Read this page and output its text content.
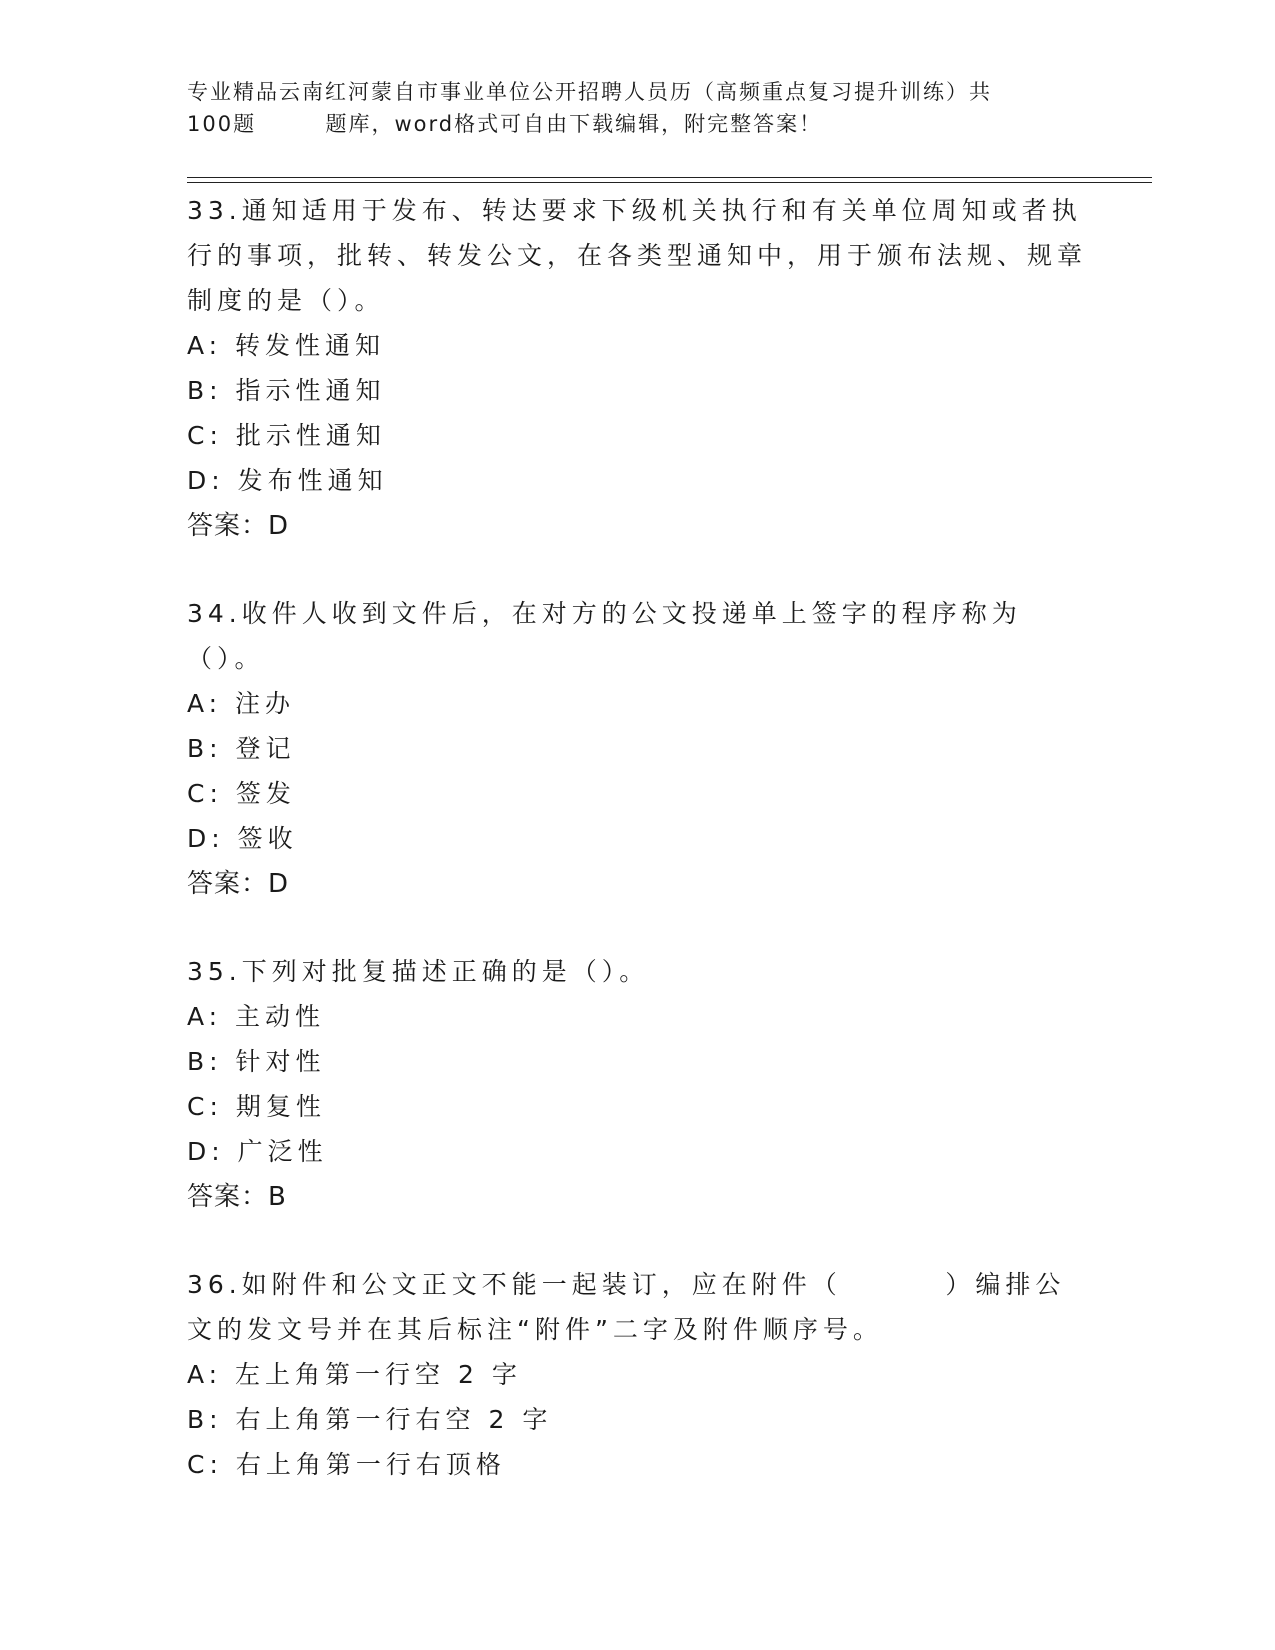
专业精品云南红河蒙自市事业单位公开招聘人员历（高频重点复习提升训练）共
100题        题库，word格式可自由下载编辑，附完整答案！
33.通知适用于发布、转达要求下级机关执行和有关单位周知或者执行的事项，批转、转发公文，在各类型通知中，用于颁布法规、规章制度的是（）。
A: 转发性通知
B: 指示性通知
C: 批示性通知
D: 发布性通知
答案：D
34.收件人收到文件后，在对方的公文投递单上签字的程序称为（）。
A: 注办
B: 登记
C: 签发
D: 签收
答案：D
35.下列对批复描述正确的是（）。
A: 主动性
B: 针对性
C: 期复性
D: 广泛性
答案：B
36.如附件和公文正文不能一起装订，应在附件（        ）编排公文的发文号并在其后标注“附件”二字及附件顺序号。
A: 左上角第一行空 2 字
B: 右上角第一行右空 2 字
C: 右上角第一行右顶格
